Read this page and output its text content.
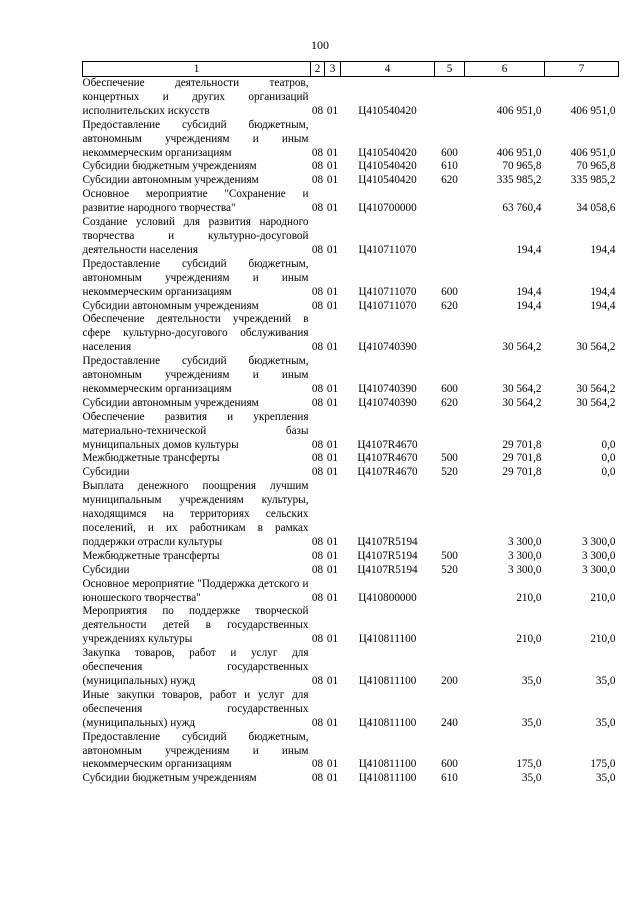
100
1	2	3	4	5	6	7
Обеспечение деятельности театров, концертных и других организаций исполнительских искусств	08	01	Ц410540420		406 951,0	406 951,0
Предоставление субсидий бюджетным, автономным учреждениям и иным некоммерческим организациям	08	01	Ц410540420	600	406 951,0	406 951,0
Субсидии бюджетным учреждениям	08	01	Ц410540420	610	70 965,8	70 965,8
Субсидии автономным учреждениям	08	01	Ц410540420	620	335 985,2	335 985,2
Основное мероприятие "Сохранение и развитие народного творчества"	08	01	Ц410700000		63 760,4	34 058,6
Создание условий для развития народного творчества и культурно-досуговой деятельности населения	08	01	Ц410711070		194,4	194,4
Предоставление субсидий бюджетным, автономным учреждениям и иным некоммерческим организациям	08	01	Ц410711070	600	194,4	194,4
Субсидии автономным учреждениям	08	01	Ц410711070	620	194,4	194,4
Обеспечение деятельности учреждений в сфере культурно-досугового обслуживания населения	08	01	Ц410740390		30 564,2	30 564,2
Предоставление субсидий бюджетным, автономным учреждениям и иным некоммерческим организациям	08	01	Ц410740390	600	30 564,2	30 564,2
Субсидии автономным учреждениям	08	01	Ц410740390	620	30 564,2	30 564,2
Обеспечение развития и укрепления материально-технической базы муниципальных домов культуры	08	01	Ц4107R4670		29 701,8	0,0
Межбюджетные трансферты	08	01	Ц4107R4670	500	29 701,8	0,0
Субсидии	08	01	Ц4107R4670	520	29 701,8	0,0
Выплата денежного поощрения лучшим муниципальным учреждениям культуры, находящимся на территориях сельских поселений, и их работникам в рамках поддержки отрасли культуры	08	01	Ц4107R5194		3 300,0	3 300,0
Межбюджетные трансферты	08	01	Ц4107R5194	500	3 300,0	3 300,0
Субсидии	08	01	Ц4107R5194	520	3 300,0	3 300,0
Основное мероприятие "Поддержка детского и юношеского творчества"	08	01	Ц410800000		210,0	210,0
Мероприятия по поддержке творческой деятельности детей в государственных учреждениях культуры	08	01	Ц410811100		210,0	210,0
Закупка товаров, работ и услуг для обеспечения государственных (муниципальных) нужд	08	01	Ц410811100	200	35,0	35,0
Иные закупки товаров, работ и услуг для обеспечения государственных (муниципальных) нужд	08	01	Ц410811100	240	35,0	35,0
Предоставление субсидий бюджетным, автономным учреждениям и иным некоммерческим организациям	08	01	Ц410811100	600	175,0	175,0
Субсидии бюджетным учреждениям	08	01	Ц410811100	610	35,0	35,0
